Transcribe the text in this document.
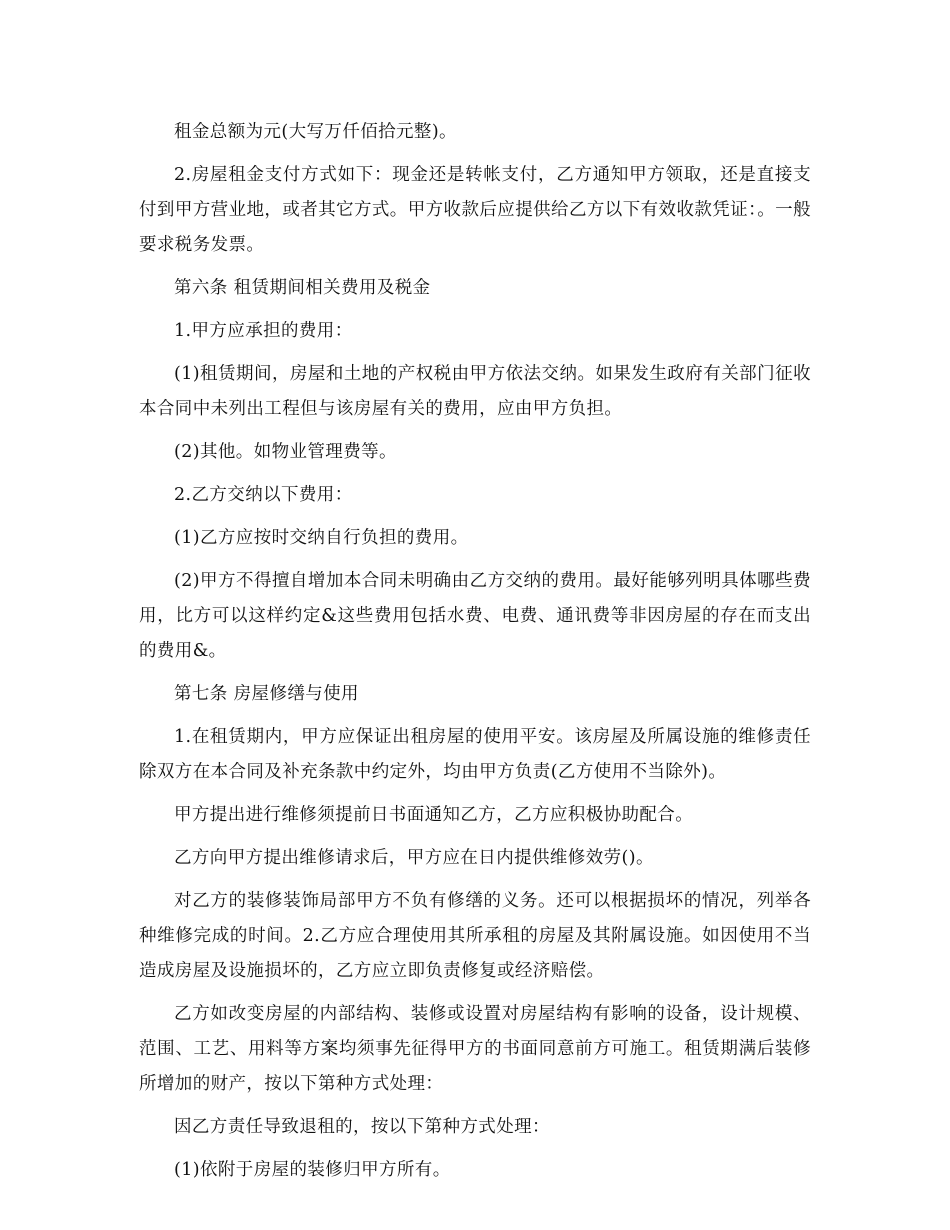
租金总额为元(大写万仟佰拾元整)。

2.房屋租金支付方式如下：现金还是转帐支付，乙方通知甲方领取，还是直接支付到甲方营业地，或者其它方式。甲方收款后应提供给乙方以下有效收款凭证：。一般要求税务发票。

第六条 租赁期间相关费用及税金

1.甲方应承担的费用：

(1)租赁期间，房屋和土地的产权税由甲方依法交纳。如果发生政府有关部门征收本合同中未列出工程但与该房屋有关的费用，应由甲方负担。

(2)其他。如物业管理费等。

2.乙方交纳以下费用：

(1)乙方应按时交纳自行负担的费用。

(2)甲方不得擅自增加本合同未明确由乙方交纳的费用。最好能够列明具体哪些费用，比方可以这样约定&这些费用包括水费、电费、通讯费等非因房屋的存在而支出的费用&。

第七条 房屋修缮与使用

1.在租赁期内，甲方应保证出租房屋的使用平安。该房屋及所属设施的维修责任除双方在本合同及补充条款中约定外，均由甲方负责(乙方使用不当除外)。

甲方提出进行维修须提前日书面通知乙方，乙方应积极协助配合。

乙方向甲方提出维修请求后，甲方应在日内提供维修效劳()。

对乙方的装修装饰局部甲方不负有修缮的义务。还可以根据损坏的情况，列举各种维修完成的时间。2.乙方应合理使用其所承租的房屋及其附属设施。如因使用不当造成房屋及设施损坏的，乙方应立即负责修复或经济赔偿。

乙方如改变房屋的内部结构、装修或设置对房屋结构有影响的设备，设计规模、范围、工艺、用料等方案均须事先征得甲方的书面同意前方可施工。租赁期满后装修所增加的财产，按以下第种方式处理：

因乙方责任导致退租的，按以下第种方式处理：

(1)依附于房屋的装修归甲方所有。
